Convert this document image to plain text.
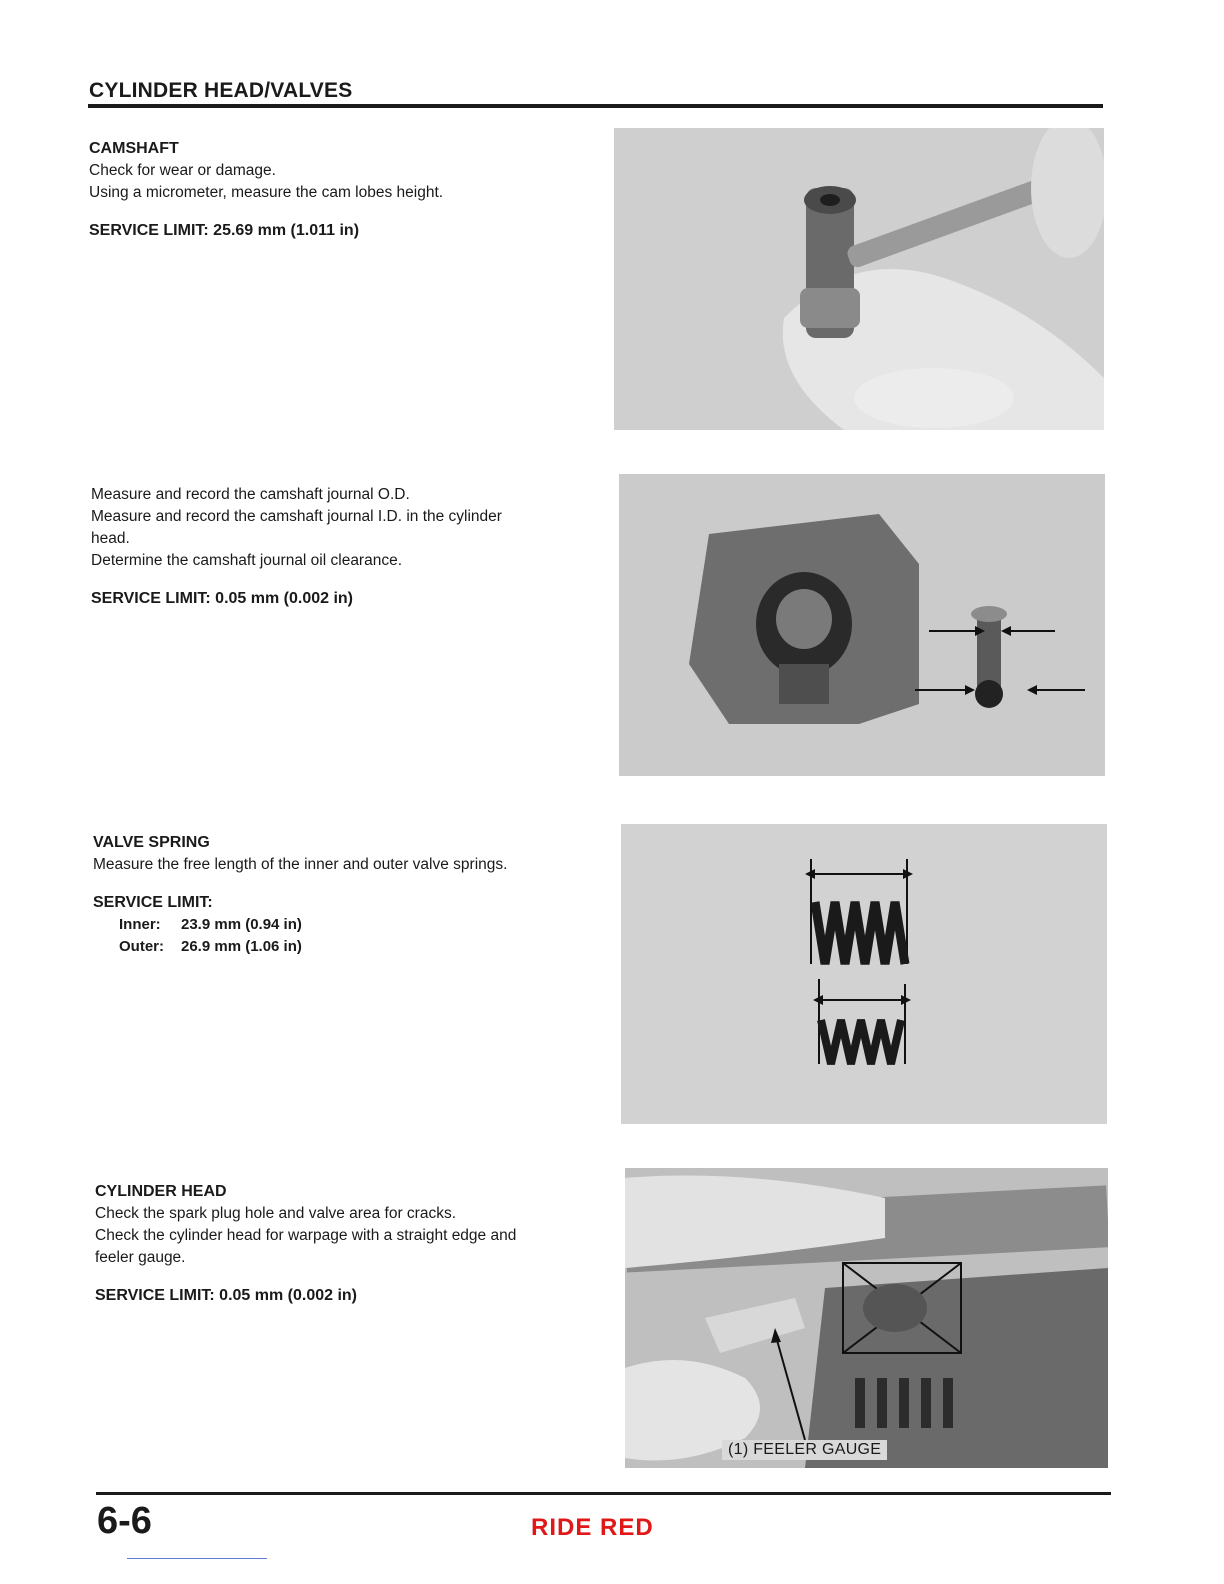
CYLINDER HEAD/VALVES
CAMSHAFT
Check for wear or damage.
Using a micrometer, measure the cam lobes height.
SERVICE LIMIT: 25.69 mm (1.011 in)
Measure and record the camshaft journal O.D.
Measure and record the camshaft journal I.D. in the cylinder
head.
Determine the camshaft journal oil clearance.
SERVICE LIMIT: 0.05 mm (0.002 in)
VALVE SPRING
Measure the free length of the inner and outer valve springs.
SERVICE LIMIT:
Inner: 23.9 mm (0.94 in)
Outer: 26.9 mm (1.06 in)
CYLINDER HEAD
Check the spark plug hole and valve area for cracks.
Check the cylinder head for warpage with a straight edge and
feeler gauge.
SERVICE LIMIT: 0.05 mm (0.002 in)
(1) FEELER GAUGE
6-6	RIDE RED
